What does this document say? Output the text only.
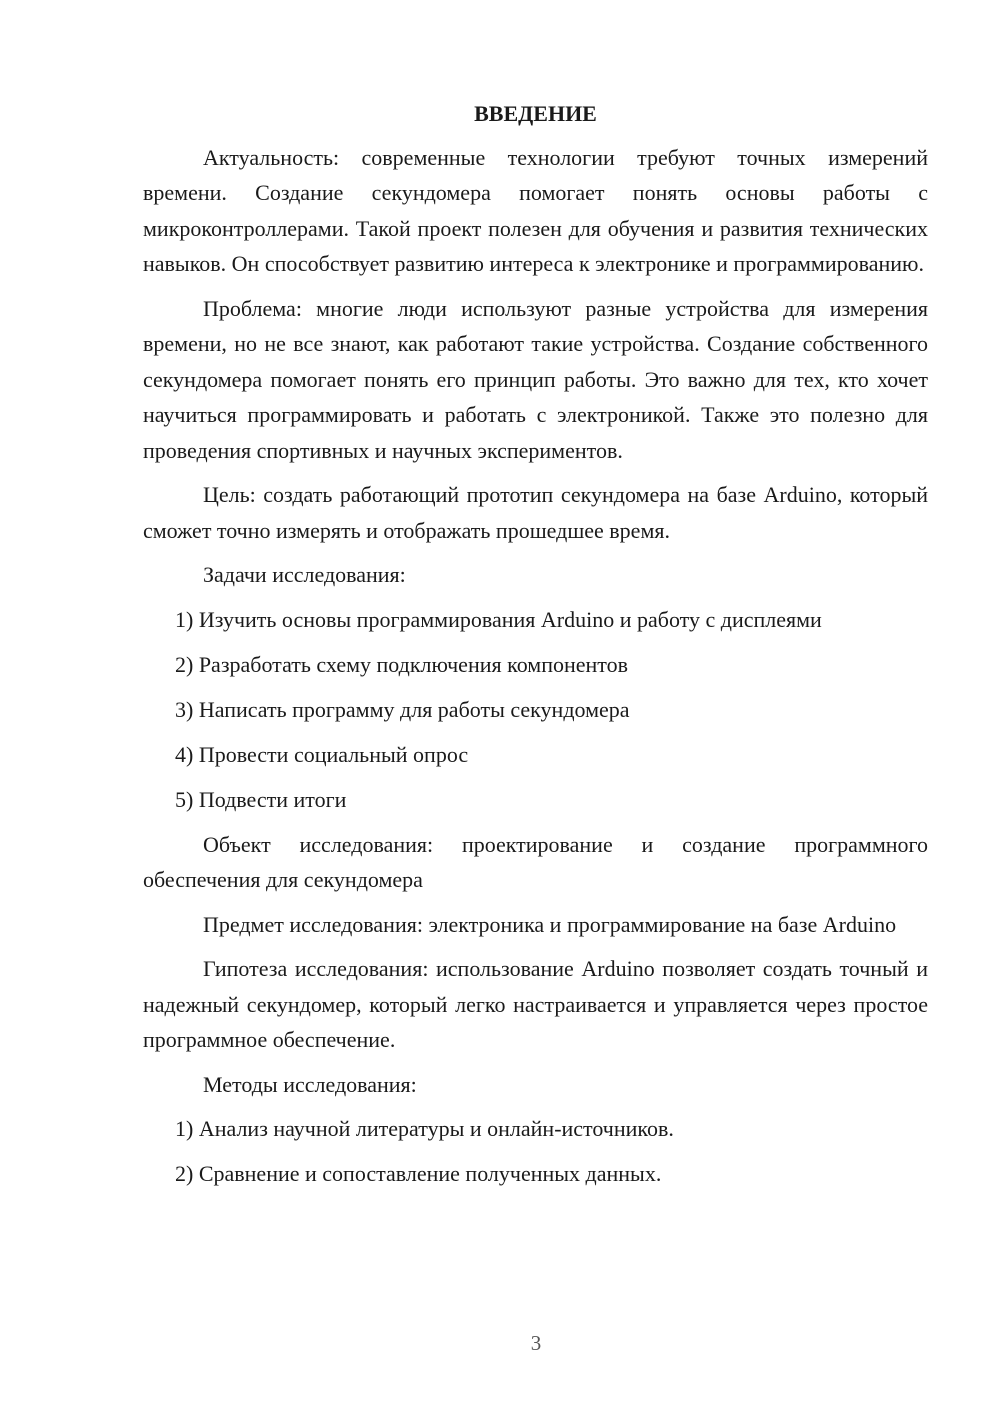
ВВЕДЕНИЕ
Актуальность: современные технологии требуют точных измерений времени. Создание секундомера помогает понять основы работы с микроконтроллерами. Такой проект полезен для обучения и развития технических навыков. Он способствует развитию интереса к электронике и программированию.
Проблема: многие люди используют разные устройства для измерения времени, но не все знают, как работают такие устройства. Создание собственного секундомера помогает понять его принцип работы. Это важно для тех, кто хочет научиться программировать и работать с электроникой. Также это полезно для проведения спортивных и научных экспериментов.
Цель: создать работающий прототип секундомера на базе Arduino, который сможет точно измерять и отображать прошедшее время.
Задачи исследования:
1) Изучить основы программирования Arduino и работу с дисплеями
2) Разработать схему подключения компонентов
3) Написать программу для работы секундомера
4) Провести социальный опрос
5) Подвести итоги
Объект исследования: проектирование и создание программного обеспечения для секундомера
Предмет исследования: электроника и программирование на базе Arduino
Гипотеза исследования: использование Arduino позволяет создать точный и надежный секундомер, который легко настраивается и управляется через простое программное обеспечение.
Методы исследования:
1) Анализ научной литературы и онлайн-источников.
2) Сравнение и сопоставление полученных данных.
3
